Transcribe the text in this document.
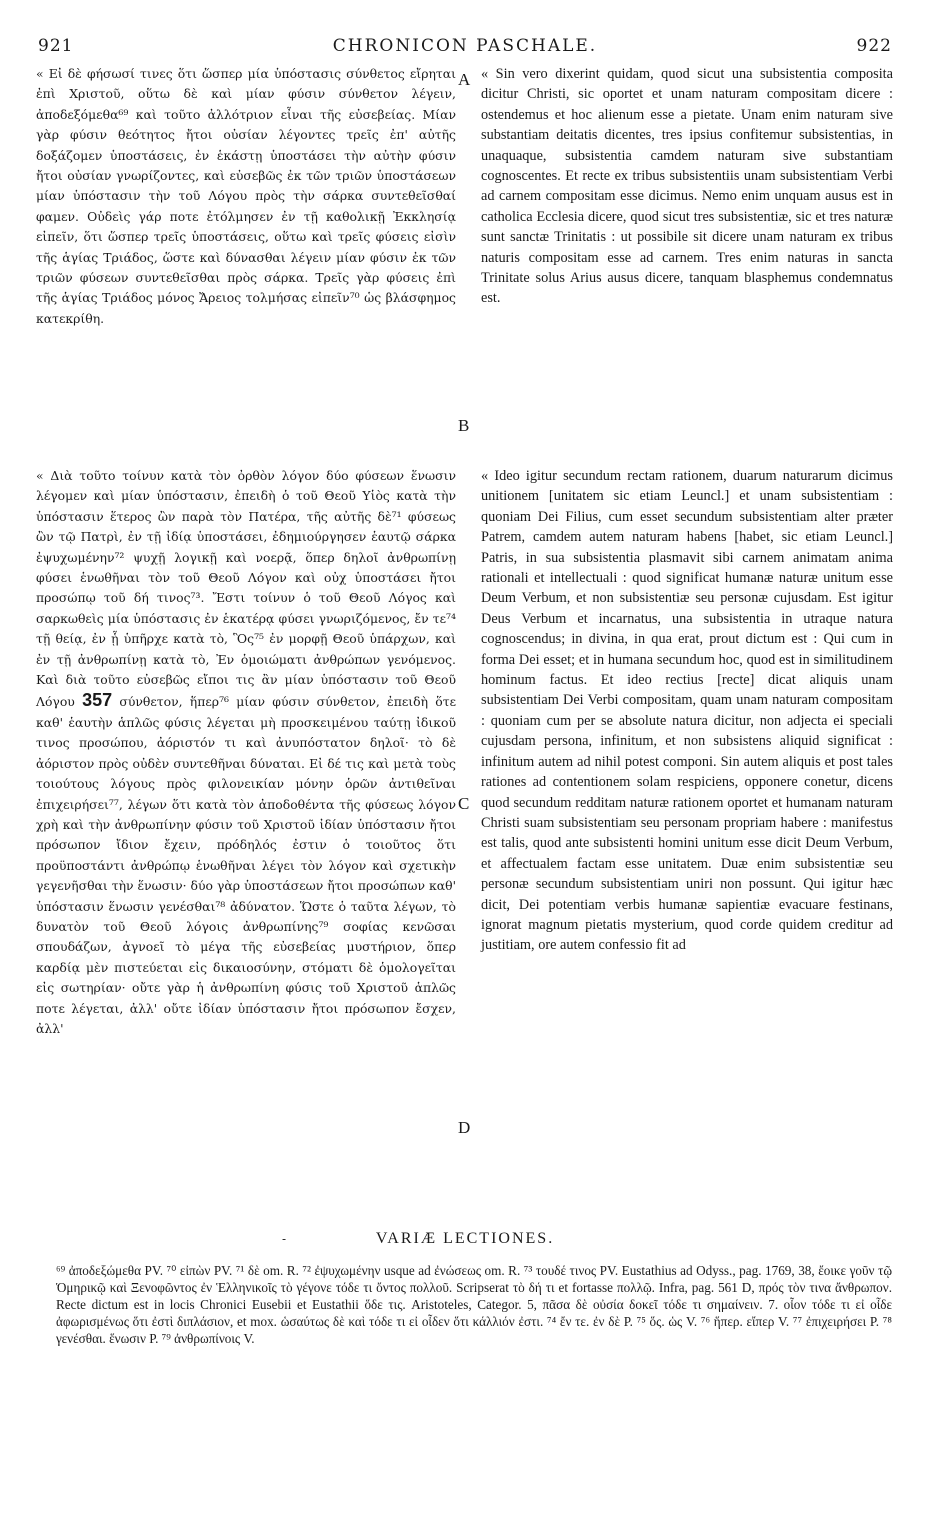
921	CHRONICON PASCHALE.	922

« Εἰ δὲ φήσωσί τινες ὅτι ὥσπερ μία ὑπόστασις σύνθετος εἴρηται ἐπὶ Χριστοῦ, οὕτω δὲ καὶ μίαν φύσιν σύνθετον λέγειν, ἀποδεξόμεθα⁶⁹ καὶ τοῦτο ἀλλότριον εἶναι τῆς εὐσεβείας. Μίαν γὰρ φύσιν θεότητος ἤτοι οὐσίαν λέγοντες τρεῖς ἐπ' αὐτῆς δοξάζομεν ὑποστάσεις, ἐν ἑκάστῃ ὑποστάσει τὴν αὐτὴν φύσιν ἤτοι οὐσίαν γνωρίζοντες, καὶ εὐσεβῶς ἐκ τῶν τριῶν ὑποστάσεων μίαν ὑπόστασιν τὴν τοῦ Λόγου πρὸς τὴν σάρκα συντεθεῖσθαί φαμεν. Οὐδεὶς γάρ ποτε ἐτόλμησεν ἐν τῇ καθολικῇ Ἐκκλησίᾳ εἰπεῖν, ὅτι ὥσπερ τρεῖς ὑποστάσεις, οὕτω καὶ τρεῖς φύσεις εἰσὶν τῆς ἁγίας Τριάδος, ὥστε καὶ δύνασθαι λέγειν μίαν φύσιν ἐκ τῶν τριῶν φύσεων συντεθεῖσθαι πρὸς σάρκα. Τρεῖς γὰρ φύσεις ἐπὶ τῆς ἁγίας Τριάδος μόνος Ἄρειος τολμήσας εἰπεῖν⁷⁰ ὡς βλάσφημος κατεκρίθη.

« Sin vero dixerint quidam, quod sicut una subsistentia composita dicitur Christi, sic oportet et unam naturam compositam dicere : ostendemus et hoc alienum esse a pietate. Unam enim naturam sive substantiam deitatis dicentes, tres ipsius confitemur subsistentias, in unaquaque, subsistentia camdem naturam sive substantiam cognoscentes. Et recte ex tribus subsistentiis unam subsistentiam Verbi ad carnem compositam esse dicimus. Nemo enim unquam ausus est in catholica Ecclesia dicere, quod sicut tres subsistentiæ, sic et tres naturæ sunt sanctæ Trinitatis : ut possibile sit dicere unam naturam ex tribus naturis compositam esse ad carnem. Tres enim naturas in sancta Trinitate solus Arius ausus dicere, tanquam blasphemus condemnatus est.

A
B
C
D

« Διὰ τοῦτο τοίνυν κατὰ τὸν ὀρθὸν λόγον δύο φύσεων ἕνωσιν λέγομεν καὶ μίαν ὑπόστασιν, ἐπειδὴ ὁ τοῦ Θεοῦ Υἱὸς κατὰ τὴν ὑπόστασιν ἕτερος ὢν παρὰ τὸν Πατέρα, τῆς αὐτῆς δὲ⁷¹ φύσεως ὢν τῷ Πατρὶ, ἐν τῇ ἰδίᾳ ὑποστάσει, ἐδημιούργησεν ἑαυτῷ σάρκα ἐψυχωμένην⁷² ψυχῇ λογικῇ καὶ νοερᾷ, ὅπερ δηλοῖ ἀνθρωπίνῃ φύσει ἑνωθῆναι τὸν τοῦ Θεοῦ Λόγον καὶ οὐχ ὑποστάσει ἤτοι προσώπῳ τοῦ δή τινος⁷³. Ἔστι τοίνυν ὁ τοῦ Θεοῦ Λόγος καὶ σαρκωθεὶς μία ὑπόστασις ἐν ἑκατέρᾳ φύσει γνωριζόμενος, ἔν τε⁷⁴ τῇ θείᾳ, ἐν ᾗ ὑπῆρχε κατὰ τὸ, Ὃς⁷⁵ ἐν μορφῇ Θεοῦ ὑπάρχων, καὶ ἐν τῇ ἀνθρωπίνῃ κατὰ τὸ, Ἐν ὁμοιώματι ἀνθρώπων γενόμενος. Καὶ διὰ τοῦτο εὐσεβῶς εἴποι τις ἂν μίαν ὑπόστασιν τοῦ Θεοῦ Λόγου 357 σύνθετον, ἥπερ⁷⁶ μίαν φύσιν σύνθετον, ἐπειδὴ ὅτε καθ' ἑαυτὴν ἁπλῶς φύσις λέγεται μὴ προσκειμένου ταύτῃ ἰδικοῦ τινος προσώπου, ἀόριστόν τι καὶ ἀνυπόστατον δηλοῖ· τὸ δὲ ἀόριστον πρὸς οὐδὲν συντεθῆναι δύναται. Εἰ δέ τις καὶ μετὰ τοὺς τοιούτους λόγους πρὸς φιλονεικίαν μόνην ὁρῶν ἀντιθεῖναι ἐπιχειρήσει⁷⁷, λέγων ὅτι κατὰ τὸν ἀποδοθέντα τῆς φύσεως λόγον χρὴ καὶ τὴν ἀνθρωπίνην φύσιν τοῦ Χριστοῦ ἰδίαν ὑπόστασιν ἤτοι πρόσωπον ἴδιον ἔχειν, πρόδηλός ἐστιν ὁ τοιοῦτος ὅτι προϋποστάντι ἀνθρώπῳ ἑνωθῆναι λέγει τὸν λόγον καὶ σχετικὴν γεγενῆσθαι τὴν ἕνωσιν· δύο γὰρ ὑποστάσεων ἤτοι προσώπων καθ' ὑπόστασιν ἕνωσιν γενέσθαι⁷⁸ ἀδύνατον. Ὥστε ὁ ταῦτα λέγων, τὸ δυνατὸν τοῦ Θεοῦ λόγοις ἀνθρωπίνης⁷⁹ σοφίας κενῶσαι σπουδάζων, ἀγνοεῖ τὸ μέγα τῆς εὐσεβείας μυστήριον, ὅπερ καρδίᾳ μὲν πιστεύεται εἰς δικαιοσύνην, στόματι δὲ ὁμολογεῖται εἰς σωτηρίαν· οὔτε γὰρ ἡ ἀνθρωπίνη φύσις τοῦ Χριστοῦ ἁπλῶς ποτε λέγεται, ἀλλ' οὔτε ἰδίαν ὑπόστασιν ἤτοι πρόσωπον ἔσχεν, ἀλλ'

« Ideo igitur secundum rectam rationem, duarum naturarum dicimus unitionem [unitatem sic etiam Leuncl.] et unam subsistentiam : quoniam Dei Filius, cum esset secundum subsistentiam alter præter Patrem, camdem autem naturam habens [habet, sic etiam Leuncl.] Patris, in sua subsistentia plasmavit sibi carnem animatam anima rationali et intellectuali : quod significat humanæ naturæ unitum esse Deum Verbum, et non subsistentiæ seu personæ cujusdam. Est igitur Deus Verbum et incarnatus, una subsistentia in utraque natura cognoscendus; in divina, in qua erat, prout dictum est : Qui cum in forma Dei esset; et in humana secundum hoc, quod est in similitudinem hominum factus. Et ideo rectius [recte] dicat aliquis unam subsistentiam Dei Verbi compositam, quam unam naturam compositam : quoniam cum per se absolute natura dicitur, non adjecta ei speciali cujusdam persona, infinitum, et non subsistens aliquid significat : infinitum autem ad nihil potest componi. Sin autem aliquis et post tales rationes ad contentionem solam respiciens, opponere conetur, dicens quod secundum redditam naturæ rationem oportet et humanam naturam Christi suam subsistentiam seu personam propriam habere : manifestus est talis, quod ante subsistenti homini unitum esse dicit Deum Verbum, et affectualem factam esse unitatem. Duæ enim subsistentiæ seu personæ secundum subsistentiam uniri non possunt. Qui igitur hæc dicit, Dei potentiam verbis humanæ sapientiæ evacuare festinans, ignorat magnum pietatis mysterium, quod corde quidem creditur ad justitiam, ore autem confessio fit ad

-	VARIÆ LECTIONES.

⁶⁹ ἀποδεξώμεθα PV. ⁷⁰ εἰπὼν PV. ⁷¹ δὲ om. R. ⁷² ἐψυχωμένην usque ad ἐνώσεως om. R. ⁷³ τουδέ τινος PV. Eustathius ad Odyss., pag. 1769, 38, ἔοικε γοῦν τῷ Ὁμηρικῷ καὶ Ξενοφῶντος ἐν Ἑλληνικοῖς τὸ γέγονε τόδε τι ὄντος πολλοῦ. Scripserat τὸ δή τι et fortasse πολλῷ. Infra, pag. 561 D, πρός τὸν τινα ἄνθρωπον. Recte dictum est in locis Chronici Eusebii et Eustathii ὅδε τις. Aristoteles, Categor. 5, πᾶσα δὲ οὐσία δοκεῖ τόδε τι σημαίνειν. 7. οἷον τόδε τι εἰ οἶδε ἀφωρισμένως ὅτι ἐστὶ διπλάσιον, et mox. ὡσαύτως δὲ καὶ τόδε τι εἰ οἶδεν ὅτι κάλλιόν ἐστι. ⁷⁴ ἔν τε. ἐν δὲ P. ⁷⁵ ὅς. ὡς V. ⁷⁶ ἥπερ. εἴπερ V. ⁷⁷ ἐπιχειρήσει P. ⁷⁸ γενέσθαι. ἕνωσιν P. ⁷⁹ ἀνθρωπίνοις V.
